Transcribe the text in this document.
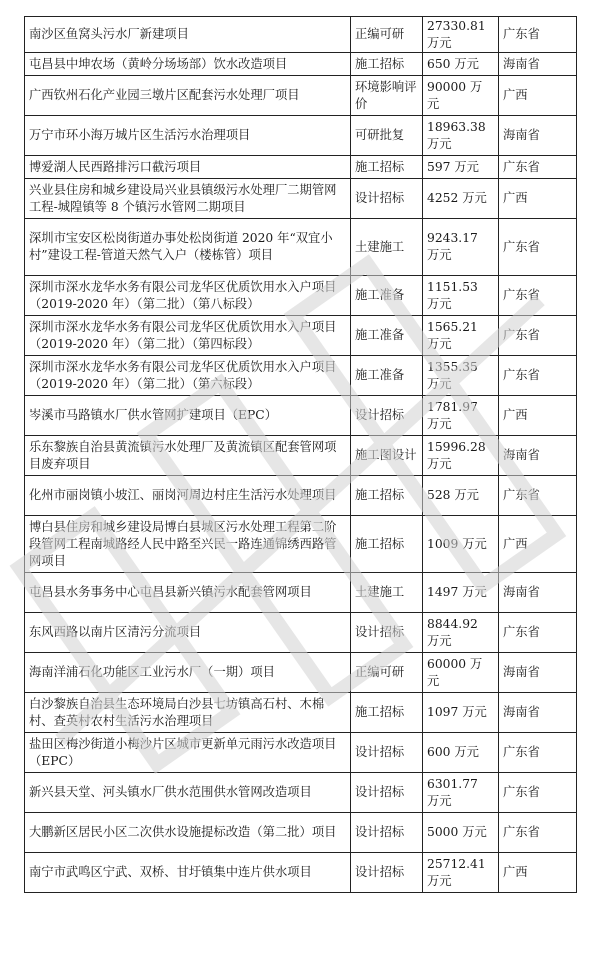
南沙区鱼窝头污水厂新建项目	正编可研	27330.81 万元	广东省
屯昌县中坤农场（黄岭分场场部）饮水改造项目	施工招标	650 万元	海南省
广西钦州石化产业园三墩片区配套污水处理厂项目	环境影响评价	90000 万元	广西
万宁市环小海万城片区生活污水治理项目	可研批复	18963.38 万元	海南省
博爱湖人民西路排污口截污项目	施工招标	597 万元	广东省
兴业县住房和城乡建设局兴业县镇级污水处理厂二期管网工程-城隍镇等 8 个镇污水管网二期项目	设计招标	4252 万元	广西
深圳市宝安区松岗街道办事处松岗街道 2020 年“双宜小村”建设工程-管道天然气入户（楼栋管）项目	土建施工	9243.17 万元	广东省
深圳市深水龙华水务有限公司龙华区优质饮用水入户项目（2019-2020 年）（第二批）（第八标段）	施工准备	1151.53 万元	广东省
深圳市深水龙华水务有限公司龙华区优质饮用水入户项目（2019-2020 年）（第二批）（第四标段）	施工准备	1565.21 万元	广东省
深圳市深水龙华水务有限公司龙华区优质饮用水入户项目（2019-2020 年）（第二批）（第六标段）	施工准备	1355.35 万元	广东省
岑溪市马路镇水厂供水管网扩建项目（EPC）	设计招标	1781.97 万元	广西
乐东黎族自治县黄流镇污水处理厂及黄流镇区配套管网项目废弃项目	施工图设计	15996.28 万元	海南省
化州市丽岗镇小坡江、丽岗河周边村庄生活污水处理项目	施工招标	528 万元	广东省
博白县住房和城乡建设局博白县城区污水处理工程第二阶段管网工程南城路经人民中路至兴民一路连通锦绣西路管网项目	施工招标	1009 万元	广西
屯昌县水务事务中心屯昌县新兴镇污水配套管网项目	土建施工	1497 万元	海南省
东风西路以南片区清污分流项目	设计招标	8844.92 万元	广东省
海南洋浦石化功能区工业污水厂（一期）项目	正编可研	60000 万元	海南省
白沙黎族自治县生态环境局白沙县七坊镇高石村、木棉村、查英村农村生活污水治理项目	施工招标	1097 万元	海南省
盐田区梅沙街道小梅沙片区城市更新单元雨污水改造项目（EPC）	设计招标	600 万元	广东省
新兴县天堂、河头镇水厂供水范围供水管网改造项目	设计招标	6301.77 万元	广东省
大鹏新区居民小区二次供水设施提标改造（第二批）项目	设计招标	5000 万元	广东省
南宁市武鸣区宁武、双桥、甘圩镇集中连片供水项目	设计招标	25712.41 万元	广西
